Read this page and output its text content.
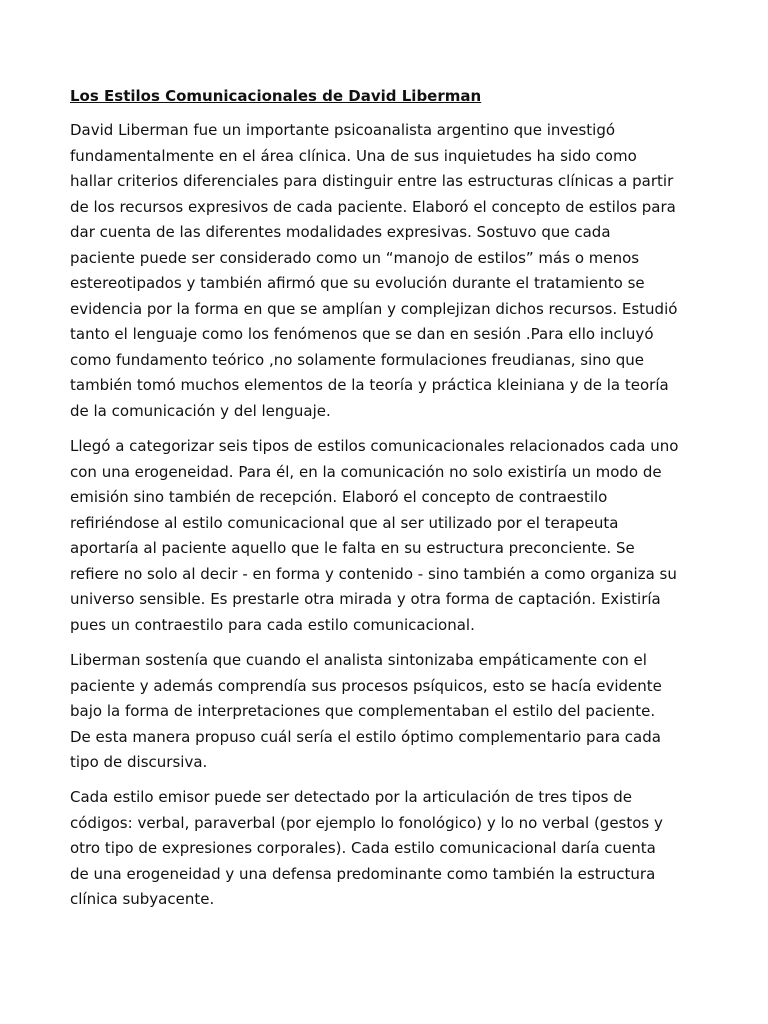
Los Estilos Comunicacionales de David Liberman

David Liberman fue un importante psicoanalista argentino que investigó
fundamentalmente en el área clínica. Una de sus inquietudes ha sido como
hallar criterios diferenciales para distinguir entre las estructuras clínicas a partir
de los recursos expresivos de cada paciente. Elaboró el concepto de estilos para
dar cuenta de las diferentes modalidades expresivas. Sostuvo que cada
paciente puede ser considerado como un “manojo de estilos” más o menos
estereotipados y también afirmó que su evolución durante el tratamiento se
evidencia por la forma en que se amplían y complejizan dichos recursos. Estudió
tanto el lenguaje como los fenómenos que se dan en sesión .Para ello incluyó
como fundamento teórico ,no solamente formulaciones freudianas, sino que
también tomó muchos elementos de la teoría y práctica kleiniana y de la teoría
de la comunicación y del lenguaje.

Llegó a categorizar seis tipos de estilos comunicacionales relacionados cada uno
con una erogeneidad. Para él, en la comunicación no solo existiría un modo de
emisión sino también de recepción. Elaboró el concepto de contraestilo
refiriéndose al estilo comunicacional que al ser utilizado por el terapeuta
aportaría al paciente aquello que le falta en su estructura preconciente. Se
refiere no solo al decir - en forma y contenido - sino también a como organiza su
universo sensible. Es prestarle otra mirada y otra forma de captación. Existiría
pues un contraestilo para cada estilo comunicacional.

Liberman sostenía que cuando el analista sintonizaba empáticamente con el
paciente y además comprendía sus procesos psíquicos, esto se hacía evidente
bajo la forma de interpretaciones que complementaban el estilo del paciente.
De esta manera propuso cuál sería el estilo óptimo complementario para cada
tipo de discursiva.

Cada estilo emisor puede ser detectado por la articulación de tres tipos de
códigos: verbal, paraverbal (por ejemplo lo fonológico) y lo no verbal (gestos y
otro tipo de expresiones corporales). Cada estilo comunicacional daría cuenta
de una erogeneidad y una defensa predominante como también la estructura
clínica subyacente.
